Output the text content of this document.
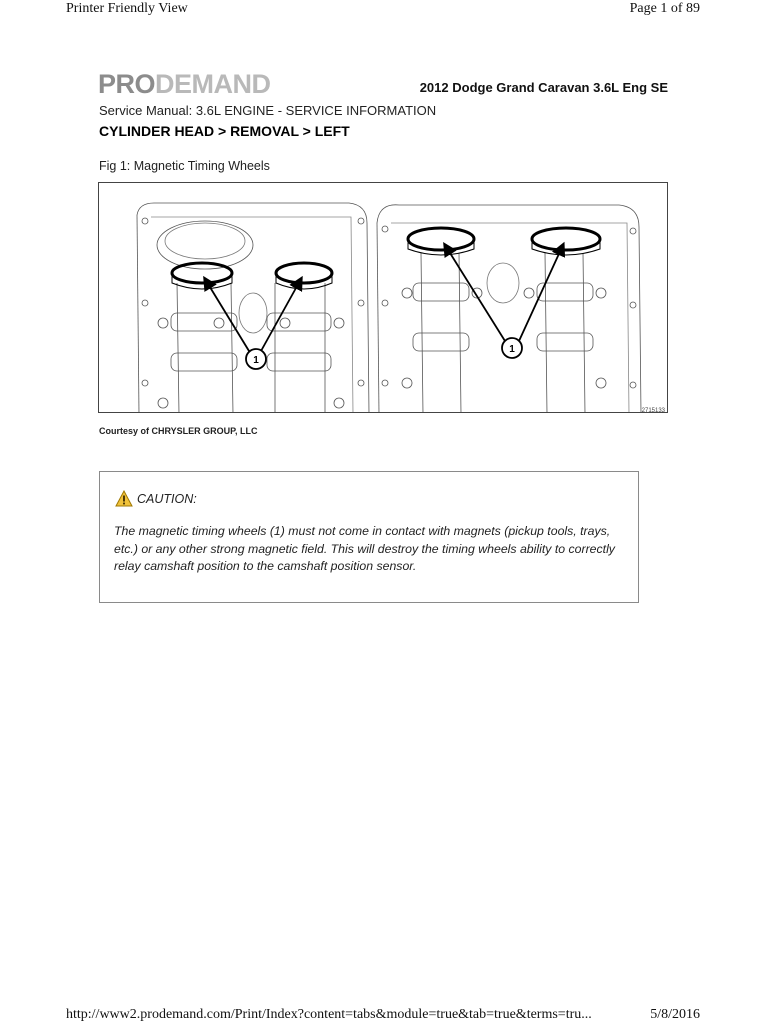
Printer Friendly View	Page 1 of 89
PRODEMAND	2012 Dodge Grand Caravan 3.6L Eng SE
Service Manual: 3.6L ENGINE - SERVICE INFORMATION
CYLINDER HEAD > REMOVAL > LEFT
Fig 1: Magnetic Timing Wheels
1
1
2715133
Courtesy of CHRYSLER GROUP, LLC
CAUTION:
The magnetic timing wheels (1) must not come in contact with magnets (pickup tools, trays, etc.) or any other strong magnetic field. This will destroy the timing wheels ability to correctly relay camshaft position to the camshaft position sensor.
http://www2.prodemand.com/Print/Index?content=tabs&module=true&tab=true&terms=tru...	5/8/2016
